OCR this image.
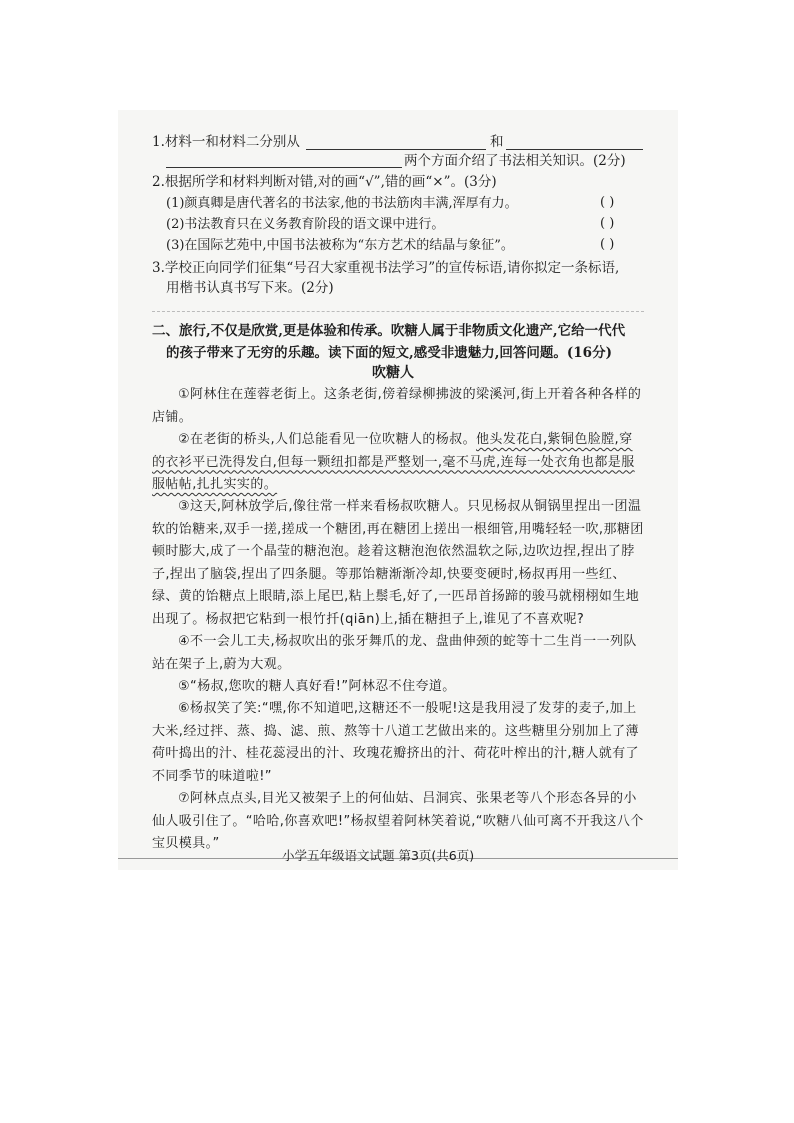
1.材料一和材料二分别从	和
两个方面介绍了书法相关知识。(2分)
2.根据所学和材料判断对错,对的画“√”,错的画“×”。(3分)
(1)颜真卿是唐代著名的书法家,他的书法筋肉丰满,浑厚有力。	( )
(2)书法教育只在义务教育阶段的语文课中进行。	( )
(3)在国际艺苑中,中国书法被称为“东方艺术的结晶与象征”。	( )
3.学校正向同学们征集“号召大家重视书法学习”的宣传标语,请你拟定一条标语,
用楷书认真书写下来。(2分)
二、旅行,不仅是欣赏,更是体验和传承。吹糖人属于非物质文化遗产,它给一代代
的孩子带来了无穷的乐趣。读下面的短文,感受非遗魅力,回答问题。(16分)
吹糖人
①阿林住在莲蓉老街上。这条老街,傍着绿柳拂波的梁溪河,街上开着各种各样的店铺。
②在老街的桥头,人们总能看见一位吹糖人的杨叔。他头发花白,紫铜色脸膛,穿的衣衫平已洗得发白,但每一颗纽扣都是严整划一,毫不马虎,连每一处衣角也都是服服帖帖,扎扎实实的。
③这天,阿林放学后,像往常一样来看杨叔吹糖人。只见杨叔从铜锅里捏出一团温软的饴糖来,双手一搓,搓成一个糖团,再在糖团上搓出一根细管,用嘴轻轻一吹,那糖团顿时膨大,成了一个晶莹的糖泡泡。趁着这糖泡泡依然温软之际,边吹边捏,捏出了脖子,捏出了脑袋,捏出了四条腿。等那饴糖渐渐冷却,快要变硬时,杨叔再用一些红、绿、黄的饴糖点上眼睛,添上尾巴,粘上鬃毛,好了,一匹昂首扬蹄的骏马就栩栩如生地出现了。杨叔把它粘到一根竹扦(qiān)上,插在糖担子上,谁见了不喜欢呢?
④不一会儿工夫,杨叔吹出的张牙舞爪的龙、盘曲伸颈的蛇等十二生肖一一列队站在架子上,蔚为大观。
⑤“杨叔,您吹的糖人真好看!”阿林忍不住夸道。
⑥杨叔笑了笑:“嘿,你不知道吧,这糖还不一般呢!这是我用浸了发芽的麦子,加上大米,经过拌、蒸、捣、滤、煎、熬等十八道工艺做出来的。这些糖里分别加上了薄荷叶捣出的汁、桂花蕊浸出的汁、玫瑰花瓣挤出的汁、荷花叶榨出的汁,糖人就有了不同季节的味道啦!”
⑦阿林点点头,目光又被架子上的何仙姑、吕洞宾、张果老等八个形态各异的小仙人吸引住了。“哈哈,你喜欢吧!”杨叔望着阿林笑着说,“吹糖八仙可离不开我这八个宝贝模具。”
小学五年级语文试题 第3页(共6页)
